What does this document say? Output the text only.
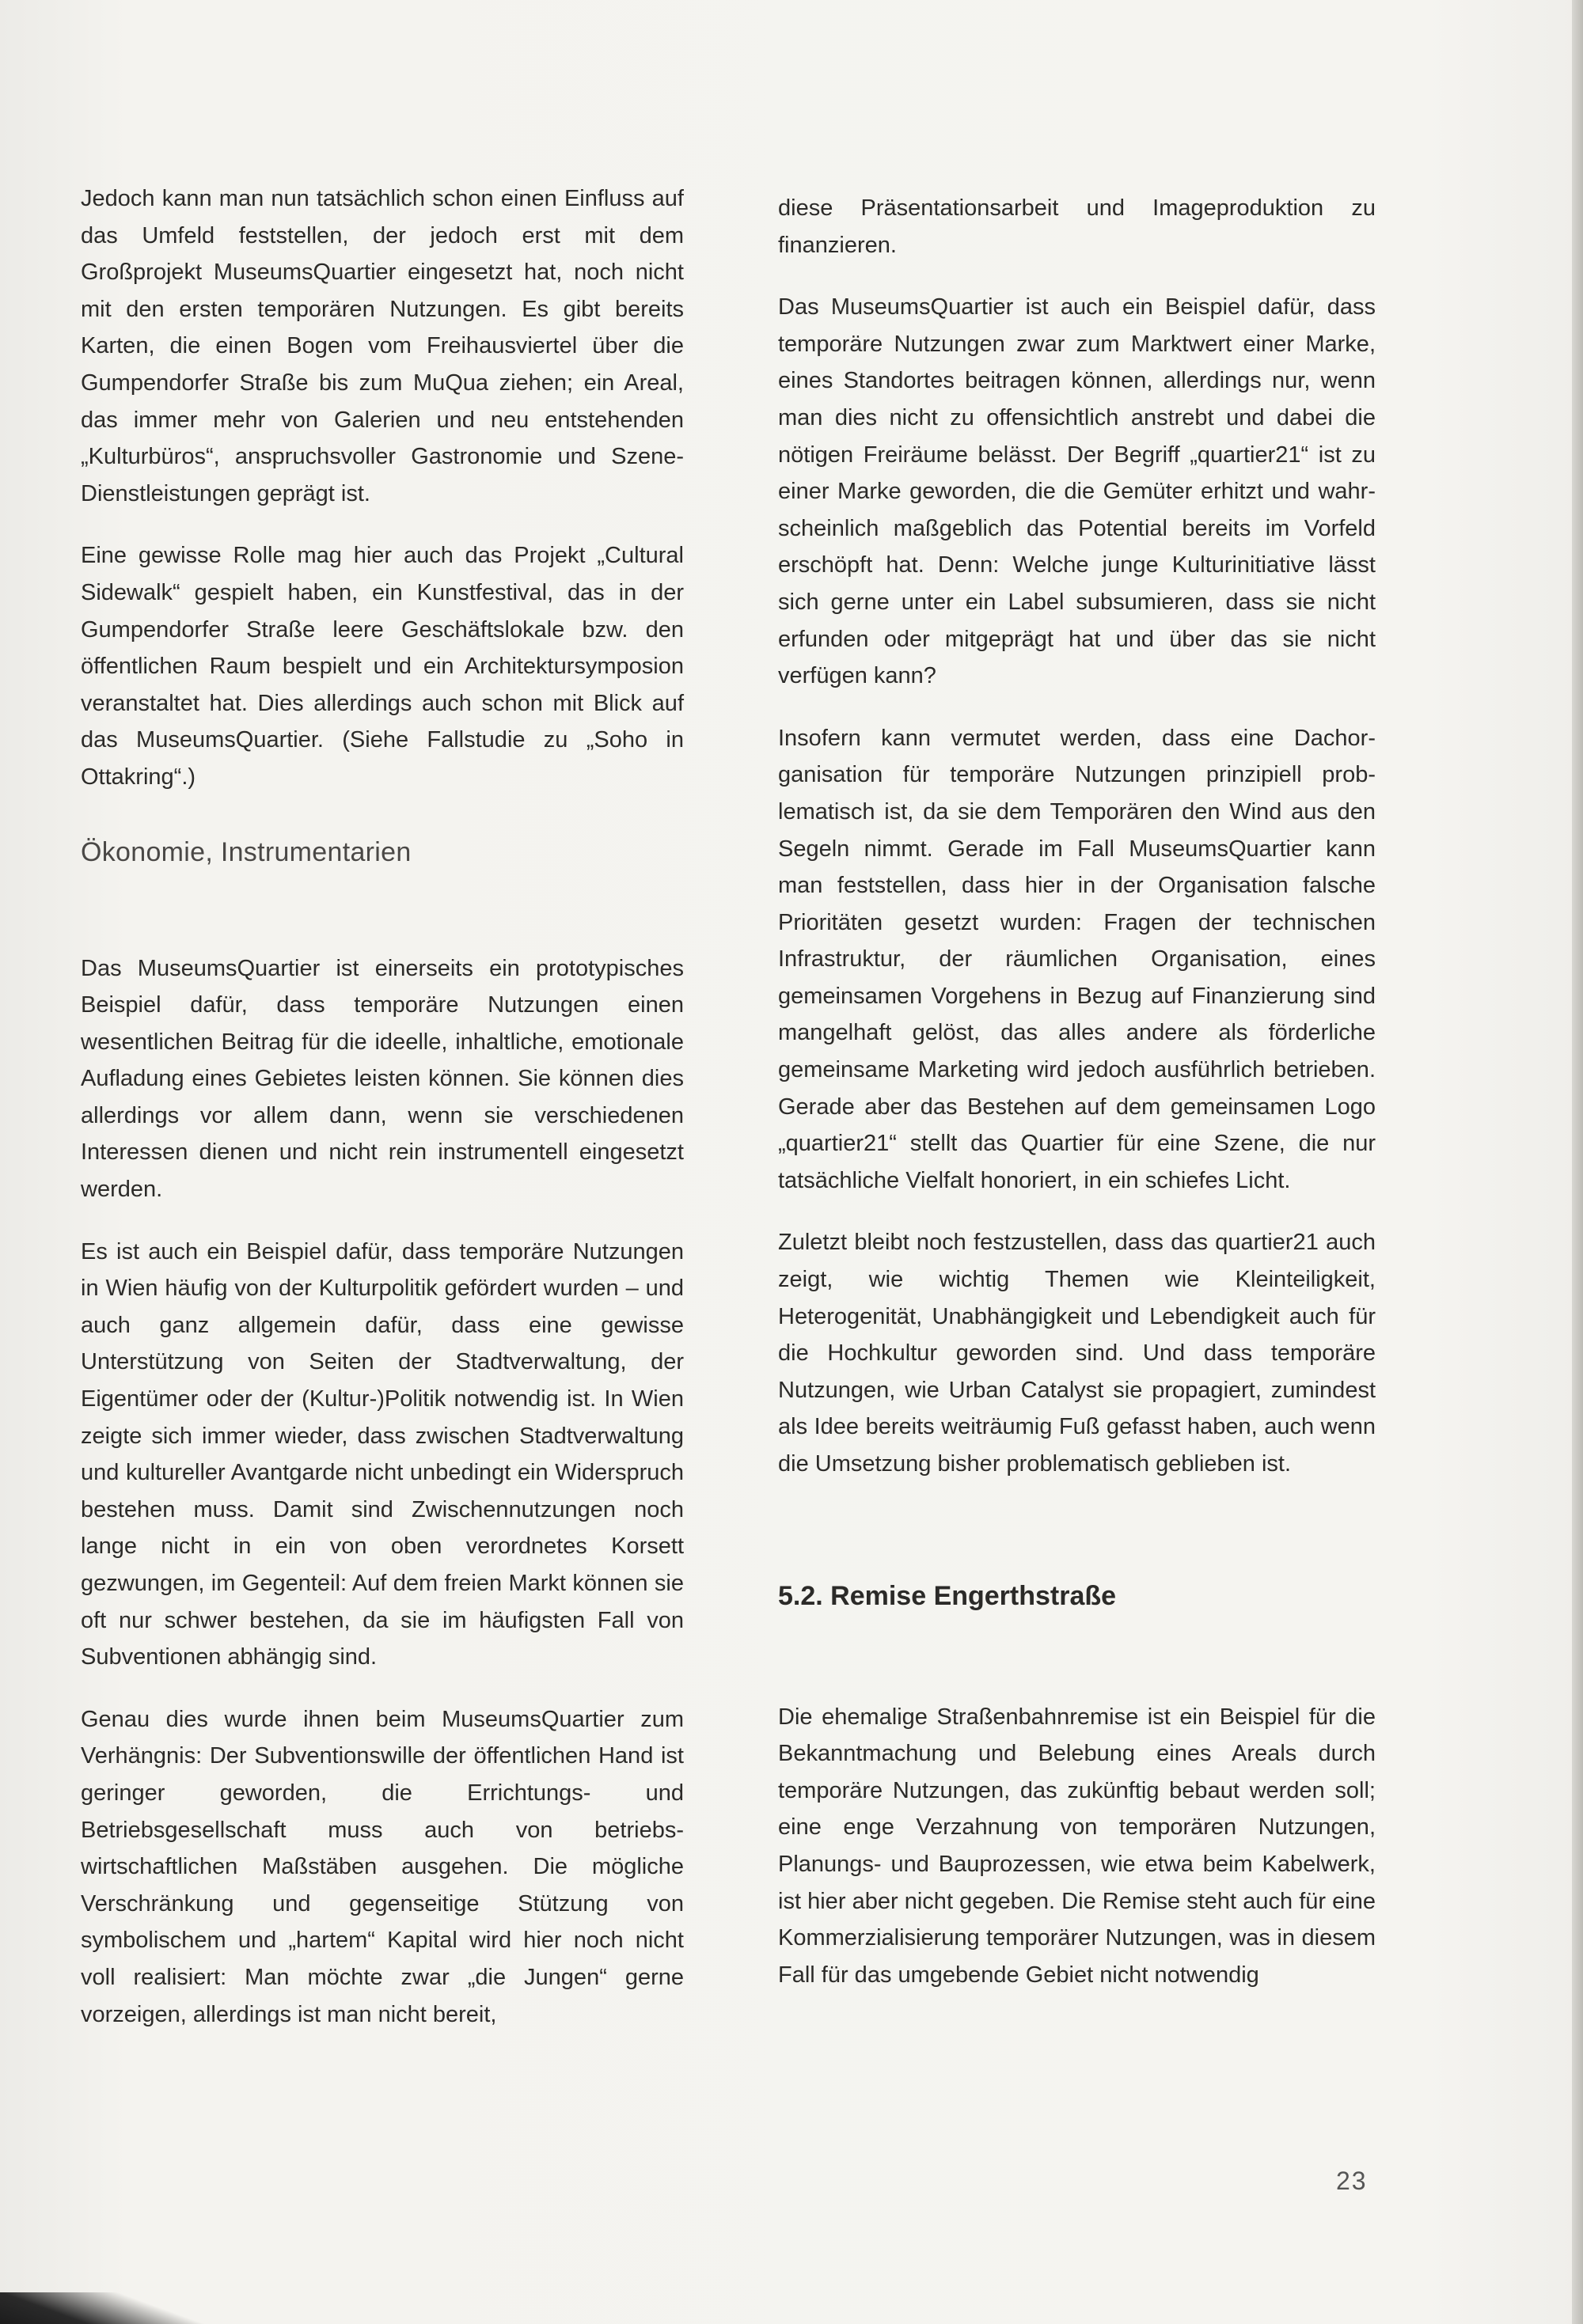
Jedoch kann man nun tatsächlich schon einen Einfluss auf das Umfeld feststellen, der jedoch erst mit dem Großprojekt MuseumsQuartier eingesetzt hat, noch nicht mit den ersten temporären Nutzungen. Es gibt bereits Karten, die einen Bogen vom Freihausviertel über die Gumpendorfer Straße bis zum MuQua ziehen; ein Areal, das immer mehr von Galerien und neu entstehenden „Kulturbüros“, anspruchsvoller Gastronomie und Szene-Dienstleistungen geprägt ist.

Eine gewisse Rolle mag hier auch das Projekt „Cultural Sidewalk“ gespielt haben, ein Kunstfestival, das in der Gumpendorfer Straße leere Geschäftslokale bzw. den öffentlichen Raum bespielt und ein Architektursymposion veranstaltet hat. Dies allerdings auch schon mit Blick auf das MuseumsQuartier. (Siehe Fallstudie zu „Soho in Ottakring“.)

Ökonomie, Instrumentarien

Das MuseumsQuartier ist einerseits ein prototypisches Beispiel dafür, dass temporäre Nutzungen einen wesentlichen Beitrag für die ideelle, inhaltliche, emotionale Aufladung eines Gebietes leisten können. Sie können dies allerdings vor allem dann, wenn sie verschiedenen Interessen dienen und nicht rein instrumentell eingesetzt werden.

Es ist auch ein Beispiel dafür, dass temporäre Nutzungen in Wien häufig von der Kulturpolitik gefördert wurden – und auch ganz allgemein dafür, dass eine gewisse Unterstützung von Seiten der Stadtverwaltung, der Eigentümer oder der (Kultur-)Politik notwendig ist. In Wien zeigte sich immer wieder, dass zwischen Stadtverwaltung und kultureller Avantgarde nicht unbedingt ein Widerspruch bestehen muss. Damit sind Zwischennutzungen noch lange nicht in ein von oben verordnetes Korsett gezwungen, im Gegenteil: Auf dem freien Markt können sie oft nur schwer bestehen, da sie im häufigsten Fall von Subventionen abhängig sind.

Genau dies wurde ihnen beim MuseumsQuartier zum Verhängnis: Der Subventionswille der öffentlichen Hand ist geringer geworden, die Errichtungs- und Betriebsgesellschaft muss auch von betriebswirtschaftlichen Maßstäben ausgehen. Die mögliche Verschränkung und gegenseitige Stützung von symbolischem und „hartem“ Kapital wird hier noch nicht voll realisiert: Man möchte zwar „die Jungen“ gerne vorzeigen, allerdings ist man nicht bereit,

diese Präsentationsarbeit und Imageproduktion zu finanzieren.

Das MuseumsQuartier ist auch ein Beispiel dafür, dass temporäre Nutzungen zwar zum Marktwert einer Marke, eines Standortes beitragen können, allerdings nur, wenn man dies nicht zu offensichtlich anstrebt und dabei die nötigen Freiräume belässt. Der Begriff „quartier21“ ist zu einer Marke geworden, die die Gemüter erhitzt und wahrscheinlich maßgeblich das Potential bereits im Vorfeld erschöpft hat. Denn: Welche junge Kulturinitiative lässt sich gerne unter ein Label subsumieren, dass sie nicht erfunden oder mitgeprägt hat und über das sie nicht verfügen kann?

Insofern kann vermutet werden, dass eine Dachorganisation für temporäre Nutzungen prinzipiell problematisch ist, da sie dem Temporären den Wind aus den Segeln nimmt. Gerade im Fall MuseumsQuartier kann man feststellen, dass hier in der Organisation falsche Prioritäten gesetzt wurden: Fragen der technischen Infrastruktur, der räumlichen Organisation, eines gemeinsamen Vorgehens in Bezug auf Finanzierung sind mangelhaft gelöst, das alles andere als förderliche gemeinsame Marketing wird jedoch ausführlich betrieben. Gerade aber das Bestehen auf dem gemeinsamen Logo „quartier21“ stellt das Quartier für eine Szene, die nur tatsächliche Vielfalt honoriert, in ein schiefes Licht.

Zuletzt bleibt noch festzustellen, dass das quartier21 auch zeigt, wie wichtig Themen wie Kleinteiligkeit, Heterogenität, Unabhängigkeit und Lebendigkeit auch für die Hochkultur geworden sind. Und dass temporäre Nutzungen, wie Urban Catalyst sie propagiert, zumindest als Idee bereits weiträumig Fuß gefasst haben, auch wenn die Umsetzung bisher problematisch geblieben ist.

5.2. Remise Engerthstraße

Die ehemalige Straßenbahnremise ist ein Beispiel für die Bekanntmachung und Belebung eines Areals durch temporäre Nutzungen, das zukünftig bebaut werden soll; eine enge Verzahnung von temporären Nutzungen, Planungs- und Bauprozessen, wie etwa beim Kabelwerk, ist hier aber nicht gegeben. Die Remise steht auch für eine Kommerzialisierung temporärer Nutzungen, was in diesem Fall für das umgebende Gebiet nicht notwendig

23
